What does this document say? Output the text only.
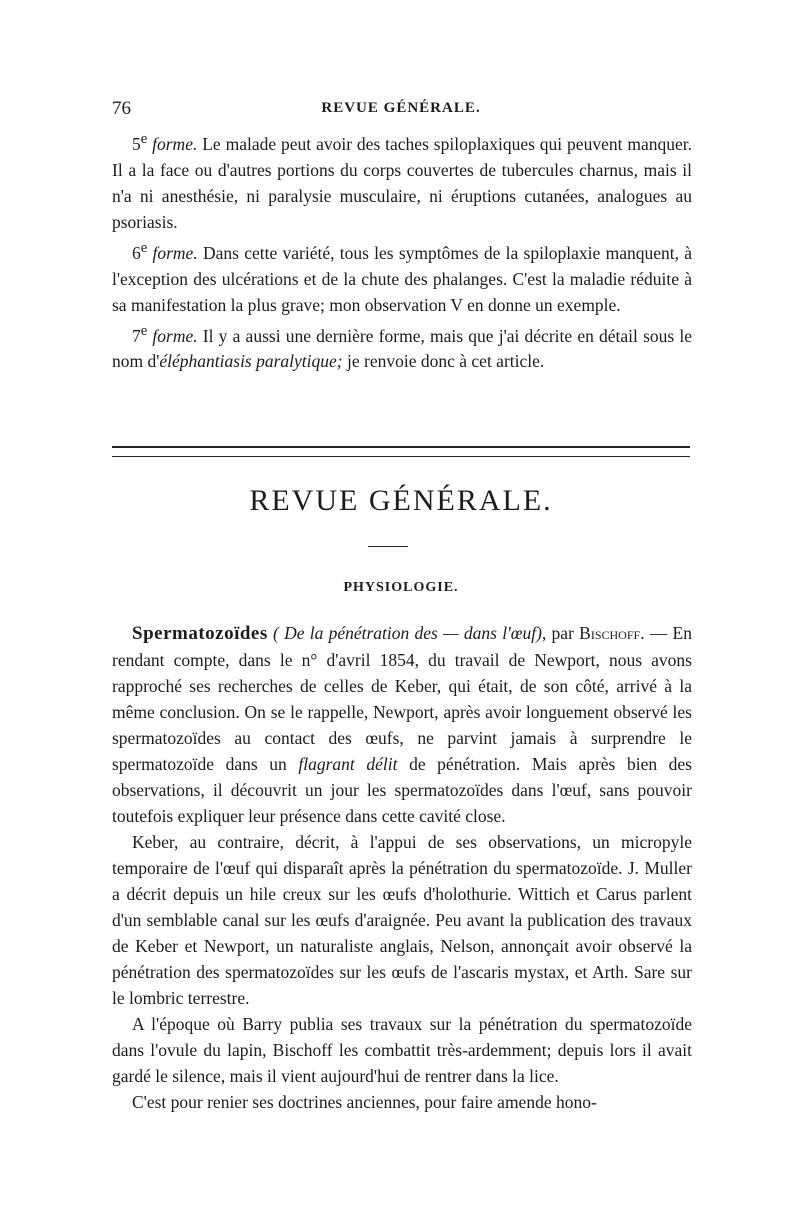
76	REVUE GÉNÉRALE.

5e forme. Le malade peut avoir des taches spiloplaxiques qui peuvent manquer. Il a la face ou d'autres portions du corps couvertes de tubercules charnus, mais il n'a ni anesthésie, ni paralysie musculaire, ni éruptions cutanées, analogues au psoriasis.

6e forme. Dans cette variété, tous les symptômes de la spiloplaxie manquent, à l'exception des ulcérations et de la chute des phalanges. C'est la maladie réduite à sa manifestation la plus grave; mon observation V en donne un exemple.

7e forme. Il y a aussi une dernière forme, mais que j'ai décrite en détail sous le nom d'éléphantiasis paralytique; je renvoie donc à cet article.

REVUE GÉNÉRALE.
PHYSIOLOGIE.

Spermatozoïdes ( De la pénétration des — dans l'œuf), par Bischoff. — En rendant compte, dans le n° d'avril 1854, du travail de Newport, nous avons rapproché ses recherches de celles de Keber, qui était, de son côté, arrivé à la même conclusion. On se le rappelle, Newport, après avoir longuement observé les spermatozoïdes au contact des œufs, ne parvint jamais à surprendre le spermatozoïde dans un flagrant délit de pénétration. Mais après bien des observations, il découvrit un jour les spermatozoïdes dans l'œuf, sans pouvoir toutefois expliquer leur présence dans cette cavité close.

Keber, au contraire, décrit, à l'appui de ses observations, un micropyle temporaire de l'œuf qui disparaît après la pénétration du spermatozoïde. J. Muller a décrit depuis un hile creux sur les œufs d'holothurie. Wittich et Carus parlent d'un semblable canal sur les œufs d'araignée. Peu avant la publication des travaux de Keber et Newport, un naturaliste anglais, Nelson, annonçait avoir observé la pénétration des spermatozoïdes sur les œufs de l'ascaris mystax, et Arth. Sare sur le lombric terrestre.

A l'époque où Barry publia ses travaux sur la pénétration du spermatozoïde dans l'ovule du lapin, Bischoff les combattit très-ardemment; depuis lors il avait gardé le silence, mais il vient aujourd'hui de rentrer dans la lice.

C'est pour renier ses doctrines anciennes, pour faire amende hono-
